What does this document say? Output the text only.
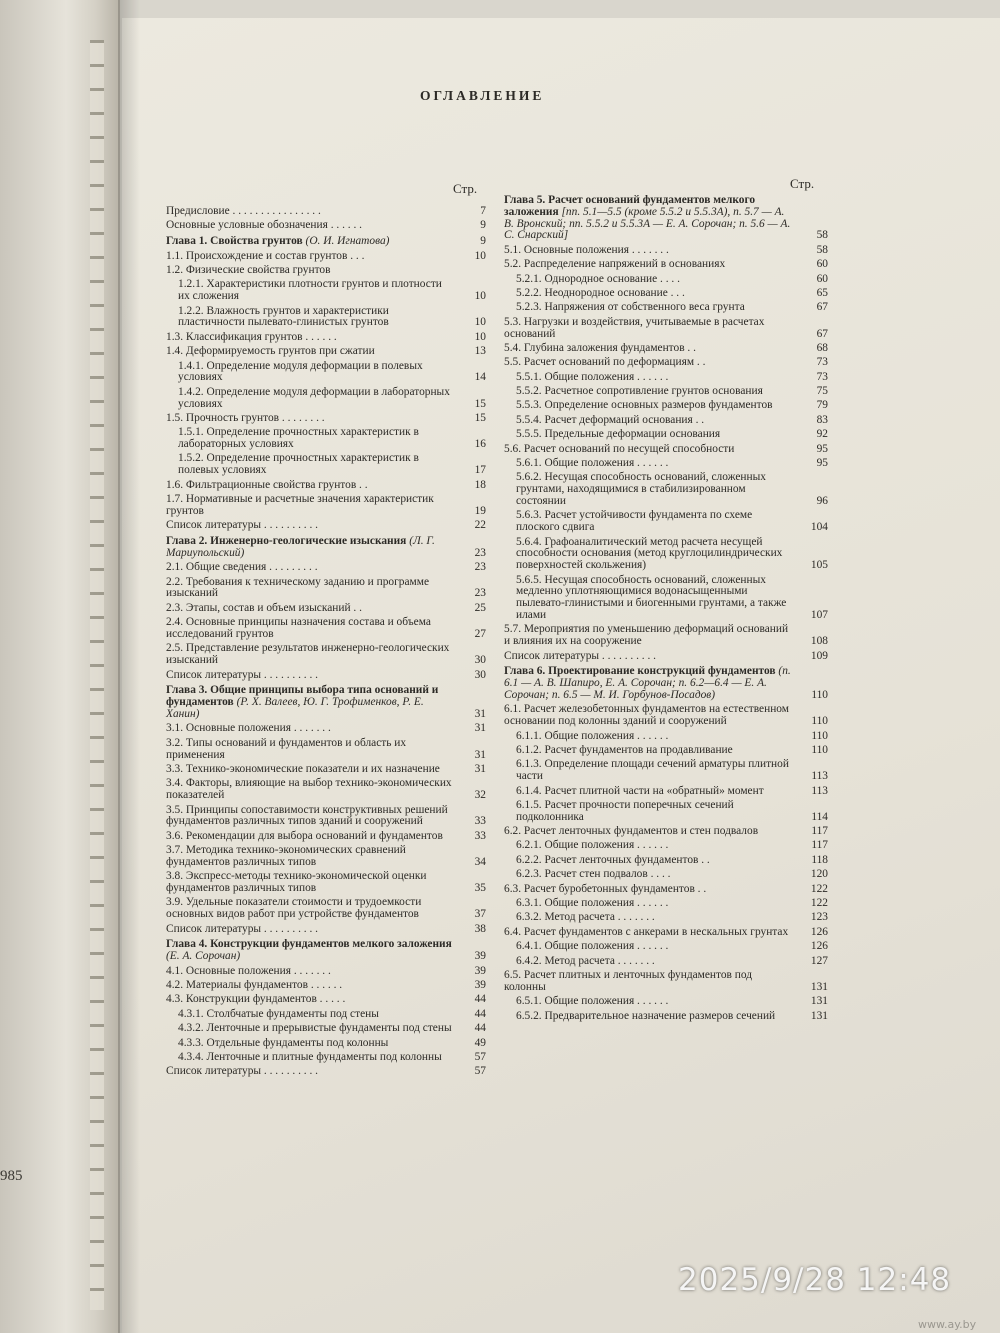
985
ОГЛАВЛЕНИЕ
Стр.	Стр.
Предисловие . . . . . . . . . . . . . . . .	7
Основные условные обозначения . . . . . .	9
Глава 1. Свойства грунтов (О. И. Игнатова)	9
1.1. Происхождение и состав грунтов . . .	10
1.2. Физические свойства грунтов
1.2.1. Характеристики плотности грунтов и плотности их сложения	10
1.2.2. Влажность грунтов и характеристики пластичности пылевато-глинистых грунтов	10
1.3. Классификация грунтов . . . . . .	10
1.4. Деформируемость грунтов при сжатии	13
1.4.1. Определение модуля деформации в полевых условиях	14
1.4.2. Определение модуля деформации в лабораторных условиях	15
1.5. Прочность грунтов . . . . . . . .	15
1.5.1. Определение прочностных характеристик в лабораторных условиях	16
1.5.2. Определение прочностных характеристик в полевых условиях	17
1.6. Фильтрационные свойства грунтов . .	18
1.7. Нормативные и расчетные значения характеристик грунтов	19
Список литературы . . . . . . . . . .	22
Глава 2. Инженерно-геологические изыскания (Л. Г. Мариупольский)	23
2.1. Общие сведения . . . . . . . . .	23
2.2. Требования к техническому заданию и программе изысканий	23
2.3. Этапы, состав и объем изысканий . .	25
2.4. Основные принципы назначения состава и объема исследований грунтов	27
2.5. Представление результатов инженерно-геологических изысканий	30
Список литературы . . . . . . . . . .	30
Глава 3. Общие принципы выбора типа оснований и фундаментов (Р. Х. Валеев, Ю. Г. Трофименков, Р. Е. Ханин)	31
3.1. Основные положения . . . . . . .	31
3.2. Типы оснований и фундаментов и область их применения	31
3.3. Технико-экономические показатели и их назначение	31
3.4. Факторы, влияющие на выбор технико-экономических показателей	32
3.5. Принципы сопоставимости конструктивных решений фундаментов различных типов зданий и сооружений	33
3.6. Рекомендации для выбора оснований и фундаментов	33
3.7. Методика технико-экономических сравнений фундаментов различных типов	34
3.8. Экспресс-методы технико-экономической оценки фундаментов различных типов	35
3.9. Удельные показатели стоимости и трудоемкости основных видов работ при устройстве фундаментов	37
Список литературы . . . . . . . . . .	38
Глава 4. Конструкции фундаментов мелкого заложения (Е. А. Сорочан)	39
4.1. Основные положения . . . . . . .	39
4.2. Материалы фундаментов . . . . . .	39
4.3. Конструкции фундаментов . . . . .	44
4.3.1. Столбчатые фундаменты под стены	44
4.3.2. Ленточные и прерывистые фундаменты под стены	44
4.3.3. Отдельные фундаменты под колонны	49
4.3.4. Ленточные и плитные фундаменты под колонны	57
Список литературы . . . . . . . . . .	57
Глава 5. Расчет оснований фундаментов мелкого заложения [пп. 5.1—5.5 (кроме 5.5.2 и 5.5.3А), п. 5.7 — А. В. Вронский; пп. 5.5.2 и 5.5.3А — Е. А. Сорочан; п. 5.6 — А. С. Снарский]	58
5.1. Основные положения . . . . . . .	58
5.2. Распределение напряжений в основаниях	60
5.2.1. Однородное основание . . . .	60
5.2.2. Неоднородное основание . . .	65
5.2.3. Напряжения от собственного веса грунта	67
5.3. Нагрузки и воздействия, учитываемые в расчетах оснований	67
5.4. Глубина заложения фундаментов . .	68
5.5. Расчет оснований по деформациям . .	73
5.5.1. Общие положения . . . . . .	73
5.5.2. Расчетное сопротивление грунтов основания	75
5.5.3. Определение основных размеров фундаментов	79
5.5.4. Расчет деформаций основания . .	83
5.5.5. Предельные деформации основания	92
5.6. Расчет оснований по несущей способности	95
5.6.1. Общие положения . . . . . .	95
5.6.2. Несущая способность оснований, сложенных грунтами, находящимися в стабилизированном состоянии	96
5.6.3. Расчет устойчивости фундамента по схеме плоского сдвига	104
5.6.4. Графоаналитический метод расчета несущей способности основания (метод круглоцилиндрических поверхностей скольжения)	105
5.6.5. Несущая способность оснований, сложенных медленно уплотняющимися водонасыщенными пылевато-глинистыми и биогенными грунтами, а также илами	107
5.7. Мероприятия по уменьшению деформаций оснований и влияния их на сооружение	108
Список литературы . . . . . . . . . .	109
Глава 6. Проектирование конструкций фундаментов (п. 6.1 — А. В. Шапиро, Е. А. Сорочан; п. 6.2—6.4 — Е. А. Сорочан; п. 6.5 — М. И. Горбунов-Посадов)	110
6.1. Расчет железобетонных фундаментов на естественном основании под колонны зданий и сооружений	110
6.1.1. Общие положения . . . . . .	110
6.1.2. Расчет фундаментов на продавливание	110
6.1.3. Определение площади сечений арматуры плитной части	113
6.1.4. Расчет плитной части на «обратный» момент	113
6.1.5. Расчет прочности поперечных сечений подколонника	114
6.2. Расчет ленточных фундаментов и стен подвалов	117
6.2.1. Общие положения . . . . . .	117
6.2.2. Расчет ленточных фундаментов . .	118
6.2.3. Расчет стен подвалов . . . .	120
6.3. Расчет буробетонных фундаментов . .	122
6.3.1. Общие положения . . . . . .	122
6.3.2. Метод расчета . . . . . . .	123
6.4. Расчет фундаментов с анкерами в нескальных грунтах	126
6.4.1. Общие положения . . . . . .	126
6.4.2. Метод расчета . . . . . . .	127
6.5. Расчет плитных и ленточных фундаментов под колонны	131
6.5.1. Общие положения . . . . . .	131
6.5.2. Предварительное назначение размеров сечений	131
2025/9/28 12:48
www.ay.by
